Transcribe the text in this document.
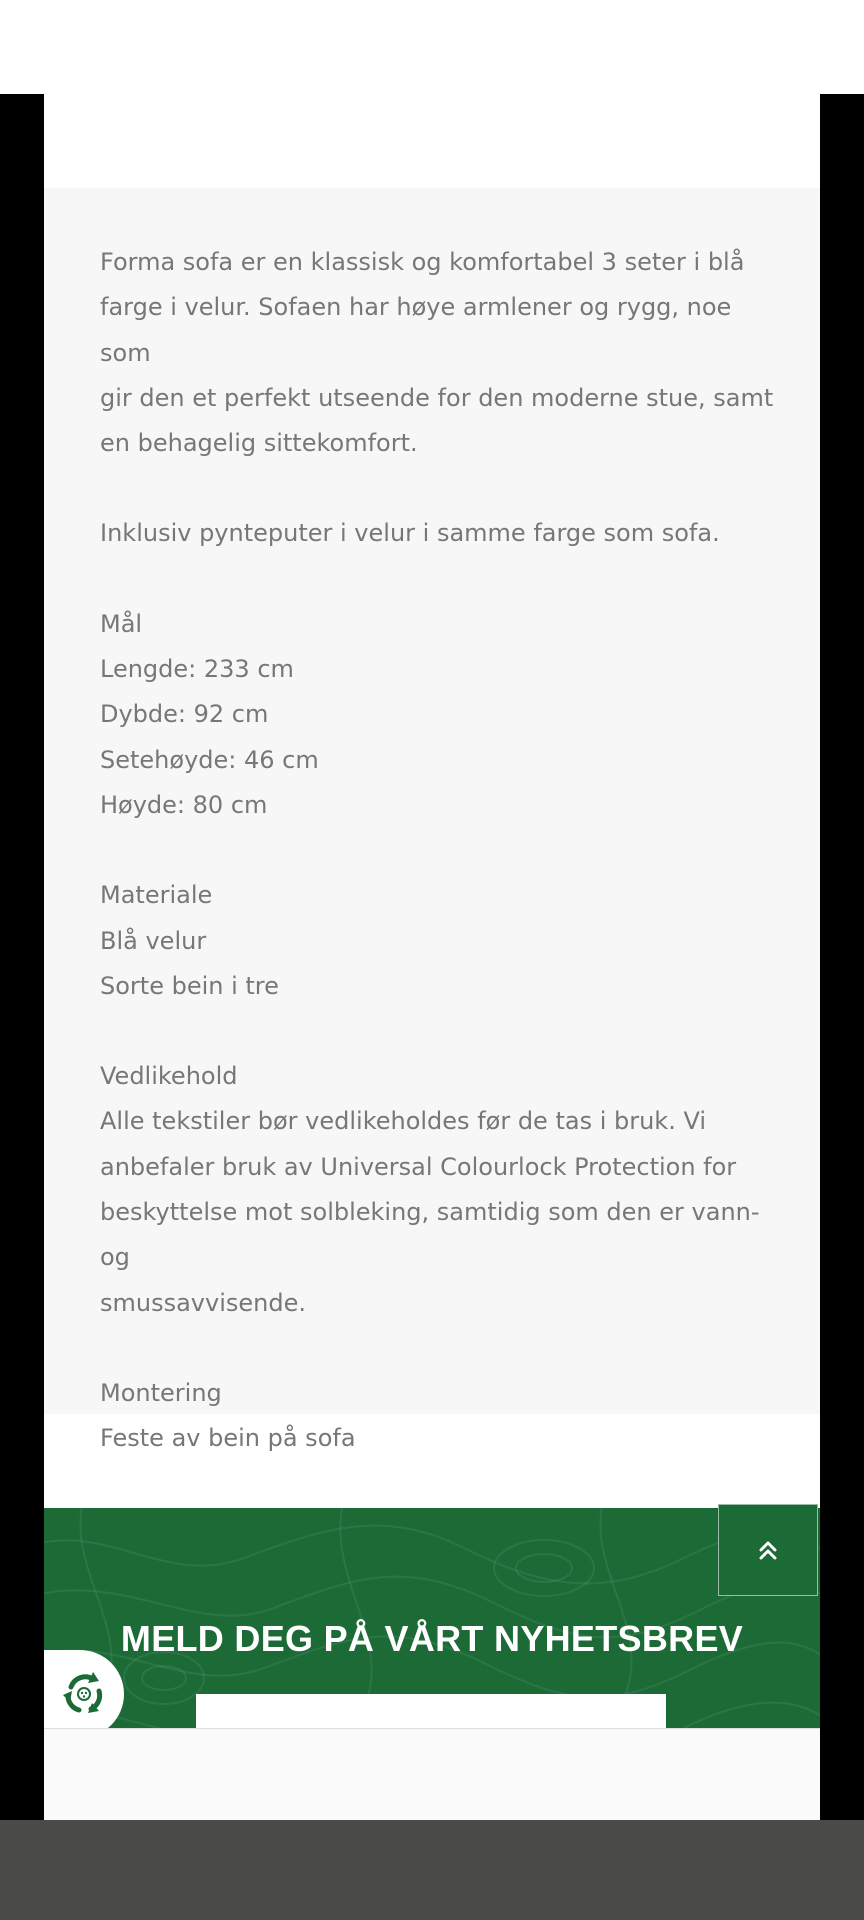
Forma sofa er en klassisk og komfortabel 3 seter i blå
farge i velur. Sofaen har høye armlener og rygg, noe som
gir den et perfekt utseende for den moderne stue, samt
en behagelig sittekomfort.

Inklusiv pynteputer i velur i samme farge som sofa.

Mål
Lengde: 233 cm
Dybde: 92 cm
Setehøyde: 46 cm
Høyde: 80 cm

Materiale
Blå velur
Sorte bein i tre

Vedlikehold
Alle tekstiler bør vedlikeholdes før de tas i bruk. Vi
anbefaler bruk av Universal Colourlock Protection for
beskyttelse mot solbleking, samtidig som den er vann- og
smussavvisende.

Montering
Feste av bein på sofa

MELD DEG PÅ VÅRT NYHETSBREV
E-postadresse
